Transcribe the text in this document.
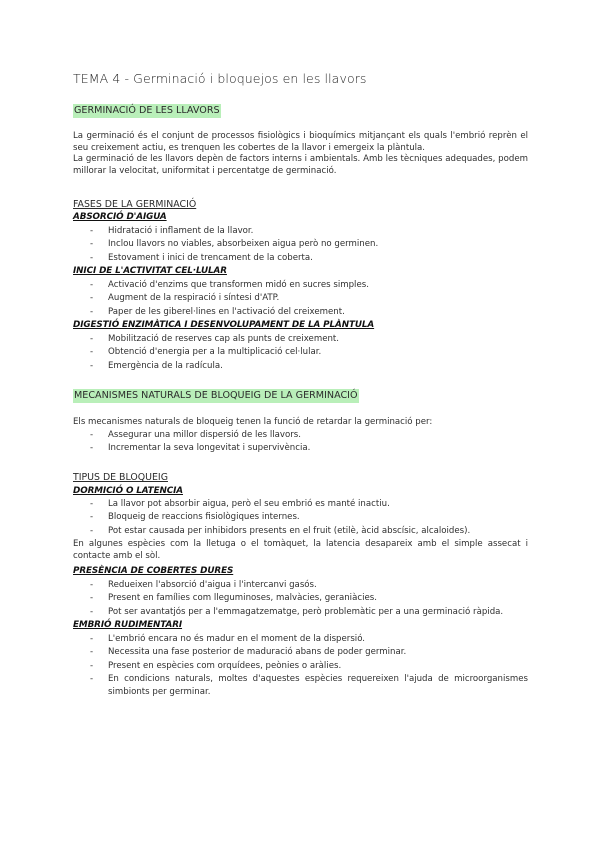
TEMA 4 - Germinació i bloquejos en les llavors
GERMINACIÓ DE LES LLAVORS

La germinació és el conjunt de processos fisiològics i bioquímics mitjançant els quals l'embrió reprèn el seu creixement actiu, es trenquen les cobertes de la llavor i emergeix la plàntula.

La germinació de les llavors depèn de factors interns i ambientals. Amb les tècniques adequades, podem millorar la velocitat, uniformitat i percentatge de germinació.

FASES DE LA GERMINACIÓ
ABSORCIÓ D'AIGUA
- Hidratació i inflament de la llavor.
- Inclou llavors no viables, absorbeixen aigua però no germinen.
- Estovament i inici de trencament de la coberta.
INICI DE L'ACTIVITAT CEL·LULAR
- Activació d'enzims que transformen midó en sucres simples.
- Augment de la respiració i síntesi d'ATP.
- Paper de les giberel·lines en l'activació del creixement.
DIGESTIÓ ENZIMÀTICA I DESENVOLUPAMENT DE LA PLÀNTULA
- Mobilització de reserves cap als punts de creixement.
- Obtenció d'energia per a la multiplicació cel·lular.
- Emergència de la radícula.
MECANISMES NATURALS DE BLOQUEIG DE LA GERMINACIÓ
Els mecanismes naturals de bloqueig tenen la funció de retardar la germinació per:
- Assegurar una millor dispersió de les llavors.
- Incrementar la seva longevitat i supervivència.
TIPUS DE BLOQUEIG
DORMICIÓ O LATENCIA
- La llavor pot absorbir aigua, però el seu embrió es manté inactiu.
- Bloqueig de reaccions fisiològiques internes.
- Pot estar causada per inhibidors presents en el fruit (etilè, àcid abscísic, alcaloides).
En algunes espècies com la lletuga o el tomàquet, la latencia desapareix amb el simple assecat i contacte amb el sòl.
PRESÈNCIA DE COBERTES DURES
- Redueixen l'absorció d'aigua i l'intercanvi gasós.
- Present en famílies com lleguminoses, malvàcies, geraniàcies.
- Pot ser avantatjós per a l'emmagatzematge, però problemàtic per a una germinació ràpida.
EMBRIÓ RUDIMENTARI
- L'embrió encara no és madur en el moment de la dispersió.
- Necessita una fase posterior de maduració abans de poder germinar.
- Present en espècies com orquídees, peònies o aràlies.
- En condicions naturals, moltes d'aquestes espècies requereixen l'ajuda de microorganismes simbionts per germinar.
